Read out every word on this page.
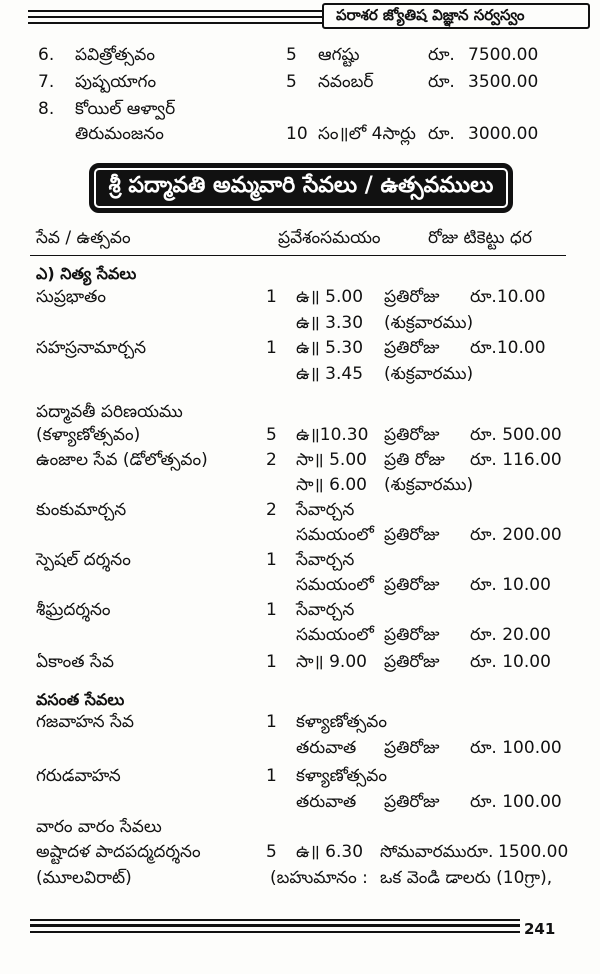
పరాశర జ్యోతిష విజ్ఞాన సర్వస్వం
6. పవిత్రోత్సవం	5 ఆగష్టు	రూ. 7500.00
7. పుష్పయాగం	5 నవంబర్	రూ. 3500.00
8. కోయిల్ ఆళ్వార్
తిరుమంజనం	10 సం॥లో 4సార్లు రూ. 3000.00
శ్రీ పద్మావతి అమ్మవారి సేవలు / ఉత్సవములు
సేవ / ఉత్సవం	ప్రవేశంసమయం	రోజు టికెట్టు ధర
ఎ) నిత్య సేవలు
సుప్రభాతం	1 ఉ॥ 5.00 ప్రతిరోజు రూ.10.00
ఉ॥ 3.30 (శుక్రవారము)
సహస్రనామార్చన	1 ఉ॥ 5.30 ప్రతిరోజు రూ.10.00
ఉ॥ 3.45 (శుక్రవారము)
పద్మావతీ పరిణయము
(కళ్యాణోత్సవం)	5 ఉ॥10.30 ప్రతిరోజు రూ. 500.00
ఉంజాల సేవ (డోలోత్సవం)	2 సా॥ 5.00 ప్రతి రోజు రూ. 116.00
సా॥ 6.00 (శుక్రవారము)
కుంకుమార్చన	2 సేవార్చన
సమయంలో ప్రతిరోజు రూ. 200.00
స్పెషల్ దర్శనం	1 సేవార్చన
సమయంలో ప్రతిరోజు రూ. 10.00
శీఘ్రదర్శనం	1 సేవార్చన
సమయంలో ప్రతిరోజు రూ. 20.00
ఏకాంత సేవ	1 సా॥ 9.00 ప్రతిరోజు రూ. 10.00
వసంత సేవలు
గజవాహన సేవ	1 కళ్యాణోత్సవం
తరువాత ప్రతిరోజు రూ. 100.00
గరుడవాహన	1 కళ్యాణోత్సవం
తరువాత ప్రతిరోజు రూ. 100.00
వారం వారం సేవలు
అష్టాదళ పాదపద్మదర్శనం	5 ఉ॥ 6.30 సోమవారమురూ. 1500.00
(మూలవిరాట్)	(బహుమానం : ఒక వెండి డాలరు (10గ్రా),
241
